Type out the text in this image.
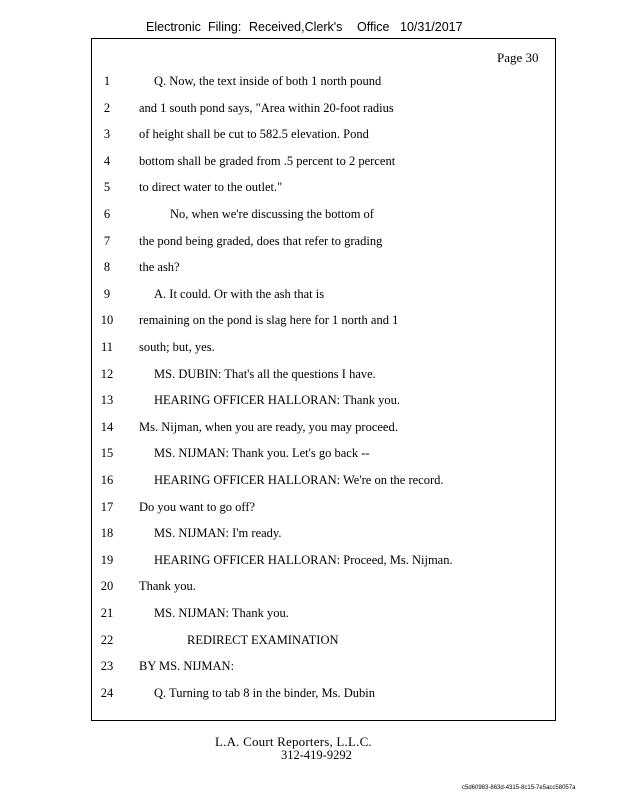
Electronic Filing: Received,Clerk's Office 10/31/2017
Page 30
1	Q. Now, the text inside of both 1 north pound
2	and 1 south pond says, "Area within 20-foot radius
3	of height shall be cut to 582.5 elevation. Pond
4	bottom shall be graded from .5 percent to 2 percent
5	to direct water to the outlet."
6	No, when we're discussing the bottom of
7	the pond being graded, does that refer to grading
8	the ash?
9	A. It could. Or with the ash that is
10	remaining on the pond is slag here for 1 north and 1
11	south; but, yes.
12	MS. DUBIN: That's all the questions I have.
13	HEARING OFFICER HALLORAN: Thank you.
14	Ms. Nijman, when you are ready, you may proceed.
15	MS. NIJMAN: Thank you. Let's go back --
16	HEARING OFFICER HALLORAN: We're on the record.
17	Do you want to go off?
18	MS. NIJMAN: I'm ready.
19	HEARING OFFICER HALLORAN: Proceed, Ms. Nijman.
20	Thank you.
21	MS. NIJMAN: Thank you.
22	REDIRECT EXAMINATION
23	BY MS. NIJMAN:
24	Q. Turning to tab 8 in the binder, Ms. Dubin
L.A. Court Reporters, L.L.C.
312-419-9292
c5d60983-863d-4315-8c15-7e5acc58057a
